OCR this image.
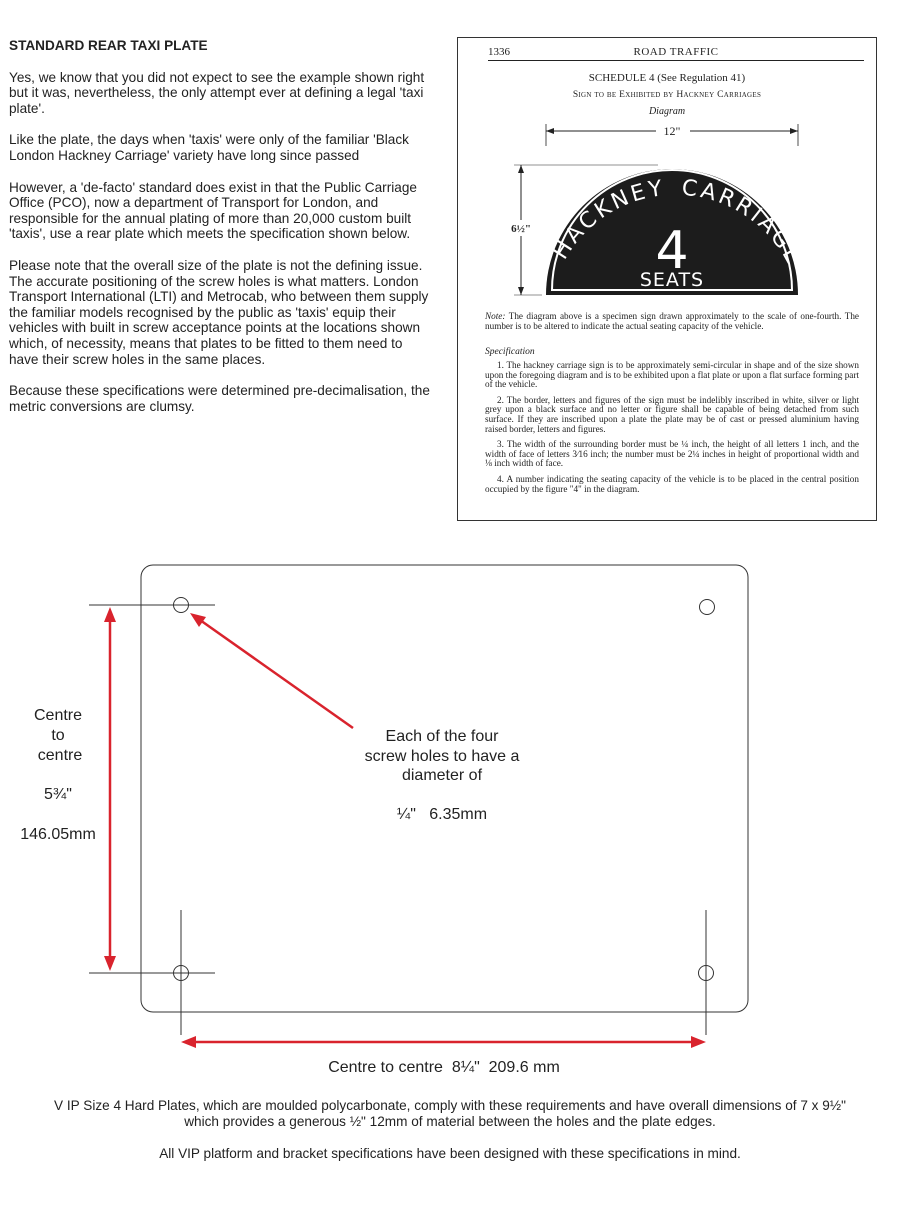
STANDARD REAR TAXI PLATE

Yes, we know that you did not expect to see the example shown right but it was, nevertheless, the only attempt ever at defining a legal 'taxi plate'.

Like the plate, the days when 'taxis' were only of the familiar 'Black London Hackney Carriage' variety have long since passed

However, a 'de-facto' standard does exist in that the Public Carriage Office (PCO), now a department of Transport for London, and responsible for the annual plating of more than 20,000 custom built 'taxis', use a rear plate which meets the specification shown below.

Please note that the overall size of the plate is not the defining issue. The accurate positioning of the screw holes is what matters. London Transport International (LTI) and Metrocab, who between them supply the familiar models recognised by the public as 'taxis' equip their vehicles with built in screw acceptance points at the locations shown which, of necessity, means that plates to be fitted to them need to have their screw holes in the same places.

Because these specifications were determined pre-decimalisation, the metric conversions are clumsy.

1336	ROAD TRAFFIC
SCHEDULE 4 (See Regulation 41)
Sign to be Exhibited by Hackney Carriages
Diagram
12"
6½"
HACKNEY CARRIAGE
4
SEATS
Note: The diagram above is a specimen sign drawn approximately to the scale of one-fourth. The number is to be altered to indicate the actual seating capacity of the vehicle.
Specification

1. The hackney carriage sign is to be approximately semi-circular in shape and of the size shown upon the foregoing diagram and is to be exhibited upon a flat plate or upon a flat surface forming part of the vehicle.

2. The border, letters and figures of the sign must be indelibly inscribed in white, silver or light grey upon a black surface and no letter or figure shall be capable of being detached from such surface. If they are inscribed upon a plate the plate may be of cast or pressed aluminium having raised border, letters and figures.

3. The width of the surrounding border must be ¼ inch, the height of all letters 1 inch, and the width of face of letters 3⁄16 inch; the number must be 2¼ inches in height of proportional width and ⅛ inch width of face.

4. A number indicating the seating capacity of the vehicle is to be placed in the central position occupied by the figure "4" in the diagram.

Centre
to
centre
5¾"
146.05mm
Each of the four
screw holes to have a
diameter of
¼"   6.35mm
Centre to centre  8¼"  209.6 mm
V IP Size 4 Hard Plates, which are moulded polycarbonate, comply with these requirements and have overall dimensions of 7 x 9½"
which provides a generous ½" 12mm of material between the holes and the plate edges.
All VIP platform and bracket specifications have been designed with these specifications in mind.
